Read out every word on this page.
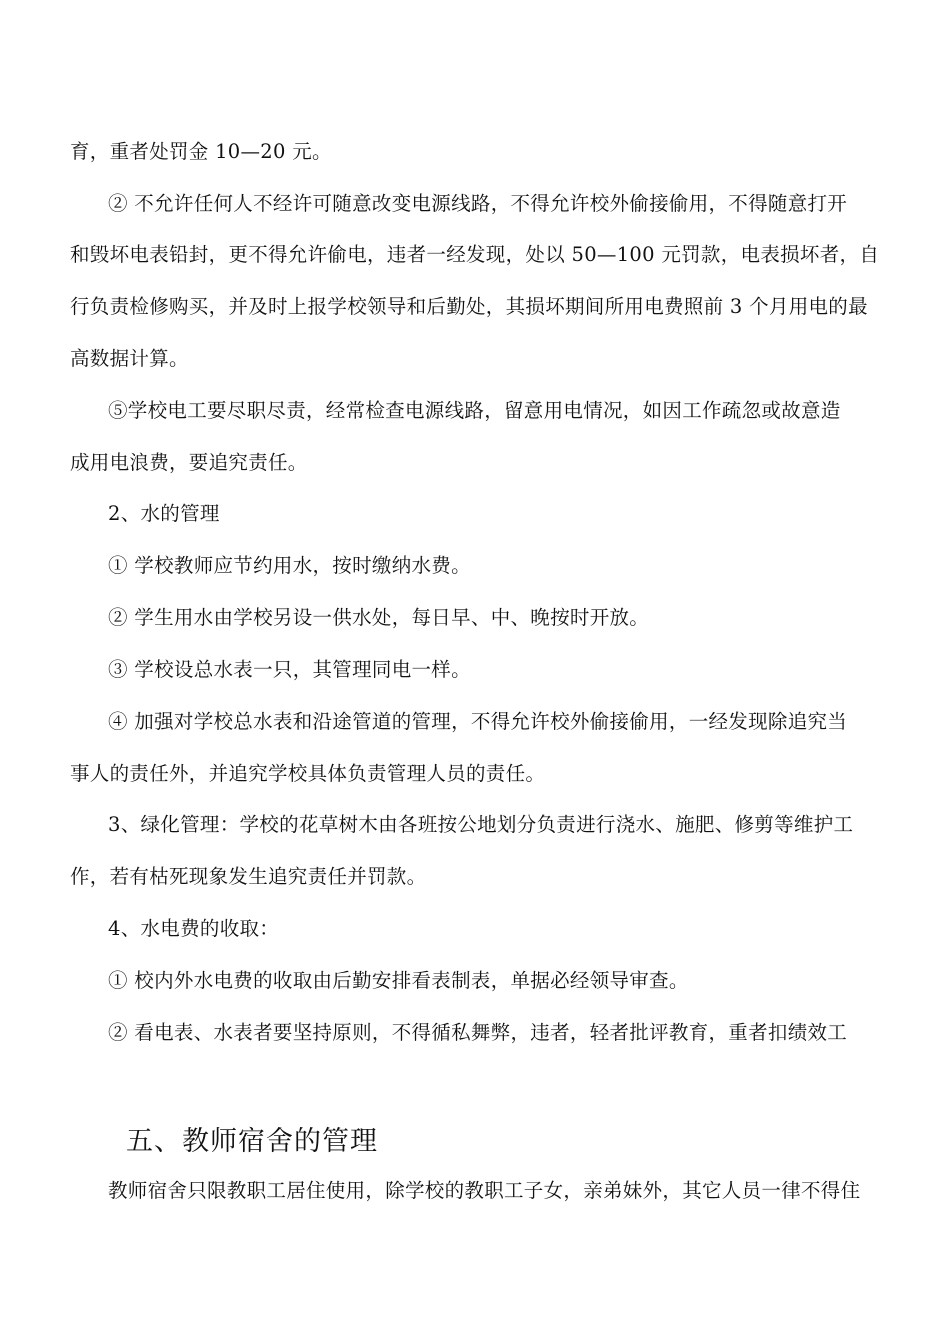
育，重者处罚金 10—20 元。
② 不允许任何人不经许可随意改变电源线路，不得允许校外偷接偷用，不得随意打开
和毁坏电表铅封，更不得允许偷电，违者一经发现，处以 50—100 元罚款，电表损坏者，自
行负责检修购买，并及时上报学校领导和后勤处，其损坏期间所用电费照前 3 个月用电的最
高数据计算。
⑤学校电工要尽职尽责，经常检查电源线路，留意用电情况，如因工作疏忽或故意造
成用电浪费，要追究责任。
2、水的管理
① 学校教师应节约用水，按时缴纳水费。
② 学生用水由学校另设一供水处，每日早、中、晚按时开放。
③ 学校设总水表一只，其管理同电一样。
④ 加强对学校总水表和沿途管道的管理，不得允许校外偷接偷用，一经发现除追究当
事人的责任外，并追究学校具体负责管理人员的责任。
3、绿化管理：学校的花草树木由各班按公地划分负责进行浇水、施肥、修剪等维护工
作，若有枯死现象发生追究责任并罚款。
4、水电费的收取：
① 校内外水电费的收取由后勤安排看表制表，单据必经领导审查。
② 看电表、水表者要坚持原则，不得循私舞弊，违者，轻者批评教育，重者扣绩效工
五、教师宿舍的管理
教师宿舍只限教职工居住使用，除学校的教职工子女，亲弟妹外，其它人员一律不得住
